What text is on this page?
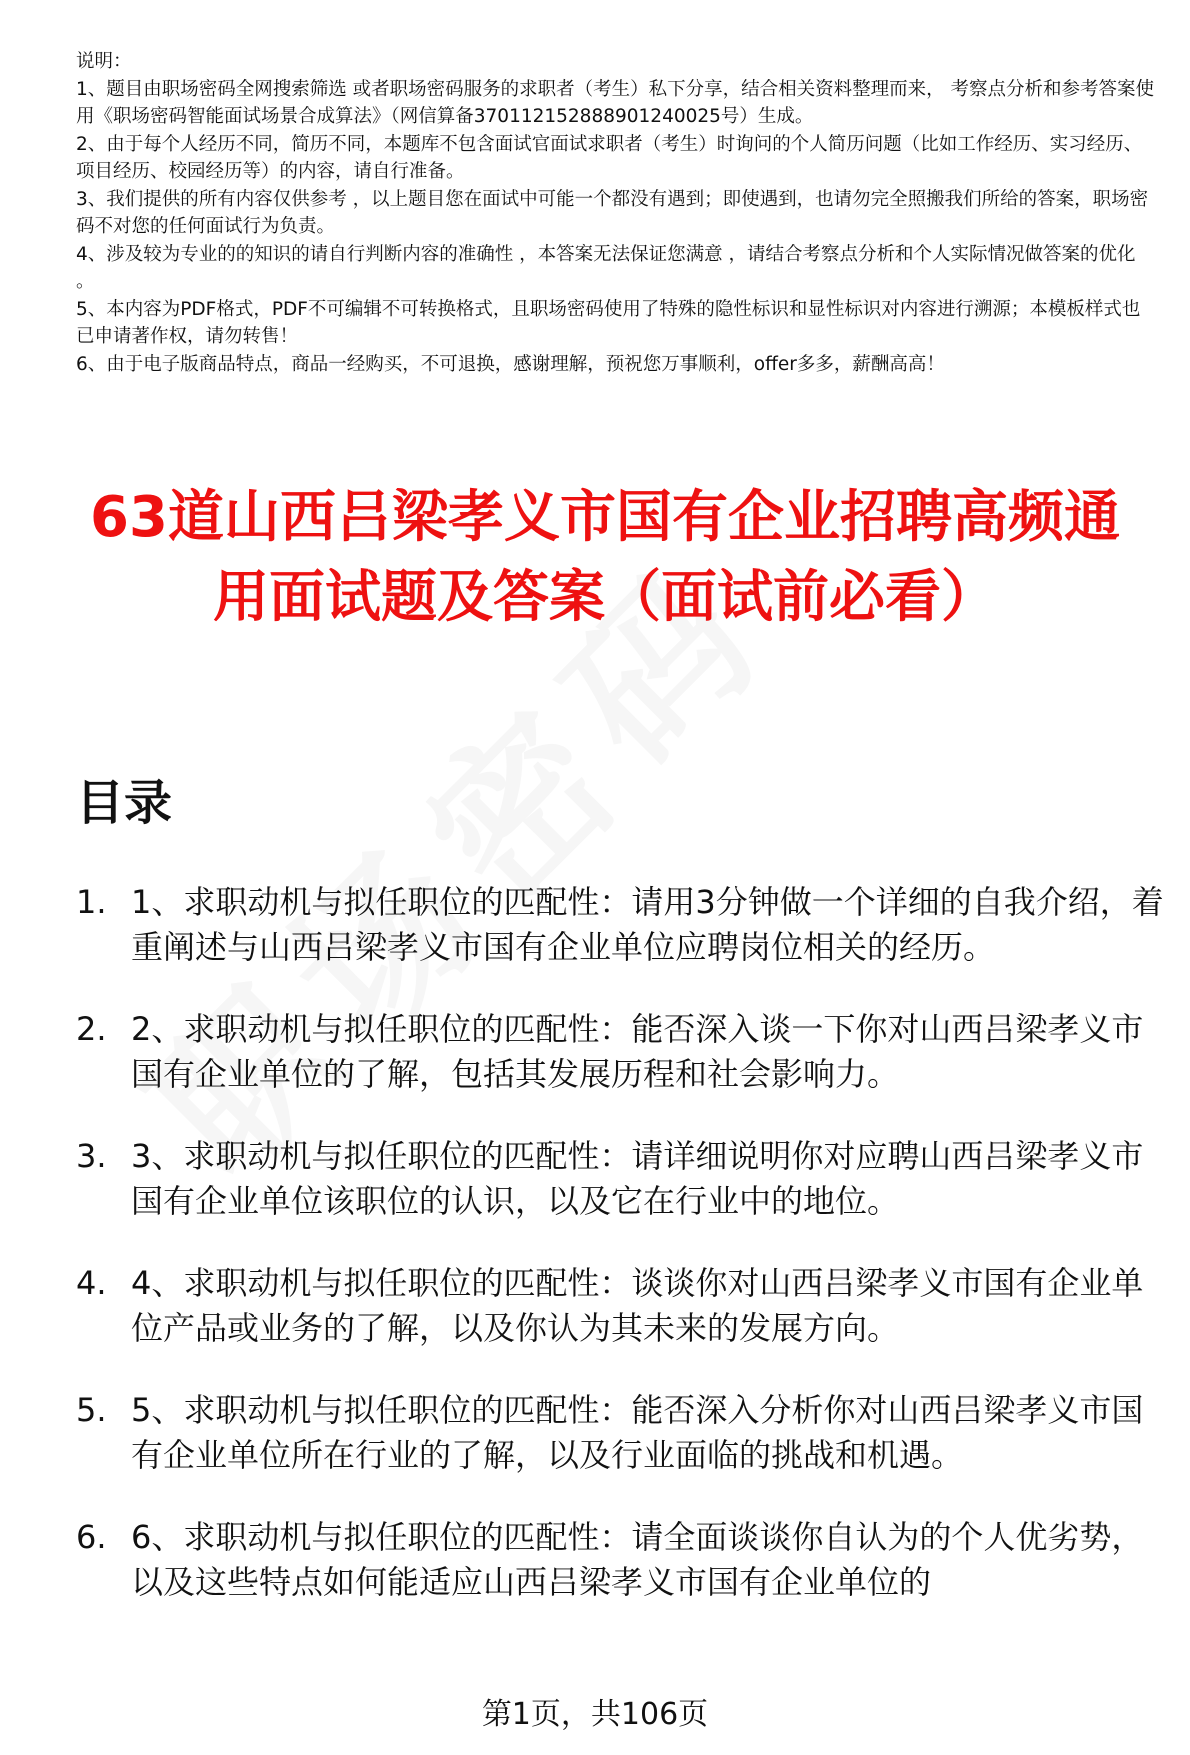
说明：

1、题目由职场密码全网搜索筛选 或者职场密码服务的求职者（考生）私下分享，结合相关资料整理而来， 考察点分析和参考答案使用《职场密码智能面试场景合成算法》（网信算备370112152888901240025号）生成。

2、由于每个人经历不同，简历不同，本题库不包含面试官面试求职者（考生）时询问的个人简历问题（比如工作经历、实习经历、项目经历、校园经历等）的内容，请自行准备。

3、我们提供的所有内容仅供参考 ，以上题目您在面试中可能一个都没有遇到；即使遇到，也请勿完全照搬我们所给的答案，职场密码不对您的任何面试行为负责。

4、涉及较为专业的的知识的请自行判断内容的准确性 ，本答案无法保证您满意 ，请结合考察点分析和个人实际情况做答案的优化 。

5、本内容为PDF格式，PDF不可编辑不可转换格式，且职场密码使用了特殊的隐性标识和显性标识对内容进行溯源；本模板样式也已申请著作权，请勿转售！

6、由于电子版商品特点，商品一经购买，不可退换，感谢理解，预祝您万事顺利，offer多多，薪酬高高！

63道山西吕梁孝义市国有企业招聘高频通用面试题及答案（面试前必看）
目录
1. 1、求职动机与拟任职位的匹配性：请用3分钟做一个详细的自我介绍，着重阐述与山西吕梁孝义市国有企业单位应聘岗位相关的经历。
2. 2、求职动机与拟任职位的匹配性：能否深入谈一下你对山西吕梁孝义市国有企业单位的了解，包括其发展历程和社会影响力。
3. 3、求职动机与拟任职位的匹配性：请详细说明你对应聘山西吕梁孝义市国有企业单位该职位的认识，以及它在行业中的地位。
4. 4、求职动机与拟任职位的匹配性：谈谈你对山西吕梁孝义市国有企业单位产品或业务的了解，以及你认为其未来的发展方向。
5. 5、求职动机与拟任职位的匹配性：能否深入分析你对山西吕梁孝义市国有企业单位所在行业的了解，以及行业面临的挑战和机遇。
6. 6、求职动机与拟任职位的匹配性：请全面谈谈你自认为的个人优劣势，以及这些特点如何能适应山西吕梁孝义市国有企业单位的
第1页，共106页
